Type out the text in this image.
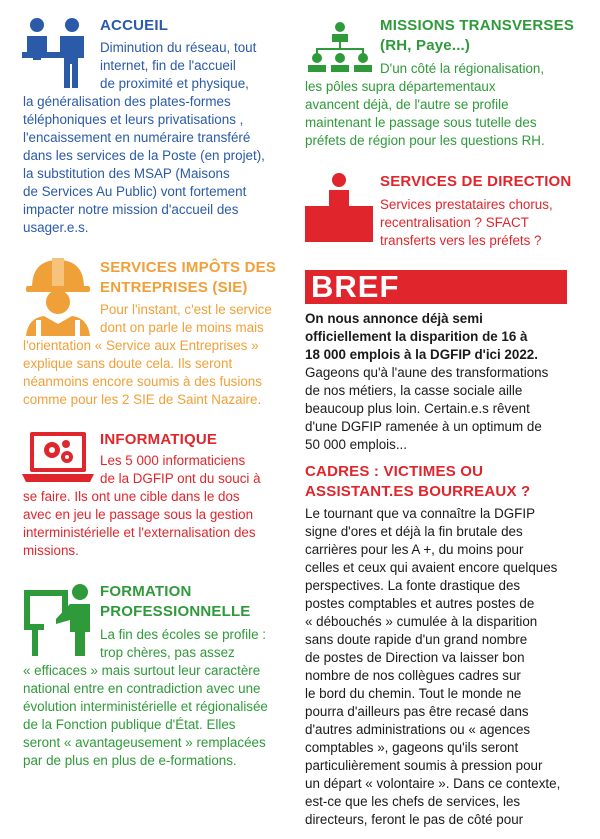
ACCUEIL
Diminution du réseau, tout
internet, fin de l'accueil
de proximité et physique,
la généralisation des plates-formes
téléphoniques et leurs privatisations ,
l'encaissement en numéraire transféré
dans les services de la Poste (en projet),
la substitution des MSAP (Maisons
de Services Au Public) vont fortement
impacter notre mission d'accueil des
usager.e.s.
SERVICES IMPÔTS DES
ENTREPRISES (SIE)
Pour l'instant, c'est le service
dont on parle le moins mais
l'orientation « Service aux Entreprises »
explique sans doute cela. Ils seront
néanmoins encore soumis à des fusions
comme pour les 2 SIE de Saint Nazaire.
INFORMATIQUE
Les 5 000 informaticiens
de la DGFIP ont du souci à
se faire. Ils ont une cible dans le dos
avec en jeu le passage sous la gestion
interministérielle et l'externalisation des
missions.
FORMATION
PROFESSIONNELLE
La fin des écoles se profile :
trop chères, pas assez
« efficaces » mais surtout leur caractère
national entre en contradiction avec une
évolution interministérielle et régionalisée
de la Fonction publique d'État. Elles
seront « avantageusement » remplacées
par de plus en plus de e-formations.
MISSIONS TRANSVERSES
(RH, Paye...)
D'un côté la régionalisation,
les pôles supra départementaux
avancent déjà, de l'autre se profile
maintenant le passage sous tutelle des
préfets de région pour les questions RH.
SERVICES DE DIRECTION
Services prestataires chorus,
recentralisation ? SFACT
transferts vers les préfets ?
BREF
On nous annonce déjà semi
officiellement la disparition de 16 à
18 000 emplois à la DGFIP d'ici 2022.
Gageons qu'à l'aune des transformations
de nos métiers, la casse sociale aille
beaucoup plus loin. Certain.e.s rêvent
d'une DGFIP ramenée à un optimum de
50 000 emplois...
CADRES : VICTIMES OU
ASSISTANT.ES BOURREAUX ?
Le tournant que va connaître la DGFIP
signe d'ores et déjà la fin brutale des
carrières pour les A +, du moins pour
celles et ceux qui avaient encore quelques
perspectives. La fonte drastique des
postes comptables et autres postes de
« débouchés » cumulée à la disparition
sans doute rapide d'un grand nombre
de postes de Direction va laisser bon
nombre de nos collègues cadres sur
le bord du chemin. Tout le monde ne
pourra d'ailleurs pas être recasé dans
d'autres administrations ou « agences
comptables », gageons qu'ils seront
particulièrement soumis à pression pour
un départ « volontaire ». Dans ce contexte,
est-ce que les chefs de services, les
directeurs, feront le pas de côté pour
